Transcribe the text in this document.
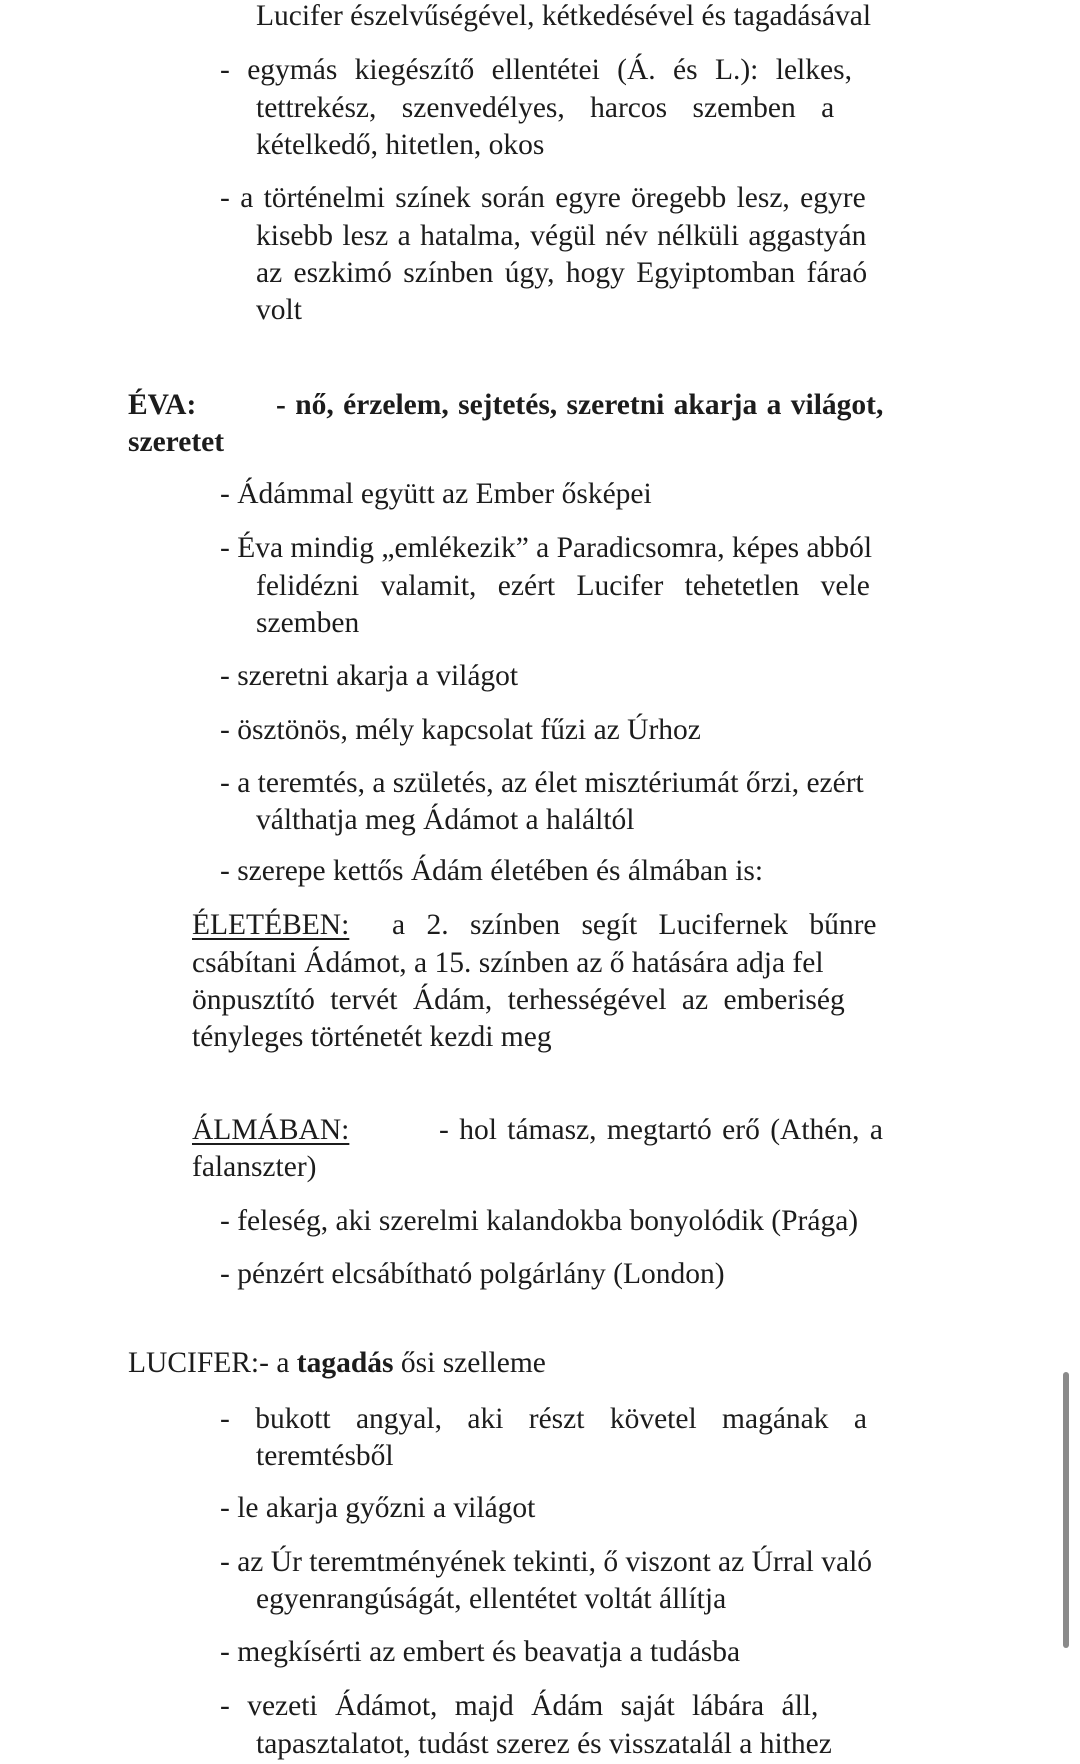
Lucifer észelvűségével, kétkedésével és tagadásával
- egymás kiegészítő ellentétei (Á. és L.): lelkes,
tettrekész, szenvedélyes, harcos szemben a
kételkedő, hitetlen, okos
- a történelmi színek során egyre öregebb lesz, egyre
kisebb lesz a hatalma, végül név nélküli aggastyán
az eszkimó színben úgy, hogy Egyiptomban fáraó
volt
ÉVA:	- nő, érzelem, sejtetés, szeretni akarja a világot,
szeretet
- Ádámmal együtt az Ember ősképei
- Éva mindig „emlékezik” a Paradicsomra, képes abból
felidézni valamit, ezért Lucifer tehetetlen vele
szemben
- szeretni akarja a világot
- ösztönös, mély kapcsolat fűzi az Úrhoz
- a teremtés, a születés, az élet misztériumát őrzi, ezért
válthatja meg Ádámot a haláltól
- szerepe kettős Ádám életében és álmában is:
ÉLETÉBEN: a 2. színben segít Lucifernek bűnre
csábítani Ádámot, a 15. színben az ő hatására adja fel
önpusztító tervét Ádám, terhességével az emberiség
tényleges történetét kezdi meg
ÁLMÁBAN:	- hol támasz, megtartó erő (Athén, a
falanszter)
- feleség, aki szerelmi kalandokba bonyolódik (Prága)
- pénzért elcsábítható polgárlány (London)
LUCIFER:- a tagadás ősi szelleme
- bukott angyal, aki részt követel magának a
teremtésből
- le akarja győzni a világot
- az Úr teremtményének tekinti, ő viszont az Úrral való
egyenrangúságát, ellentétet voltát állítja
- megkísérti az embert és beavatja a tudásba
- vezeti Ádámot, majd Ádám saját lábára áll,
tapasztalatot, tudást szerez és visszatalál a hithez
